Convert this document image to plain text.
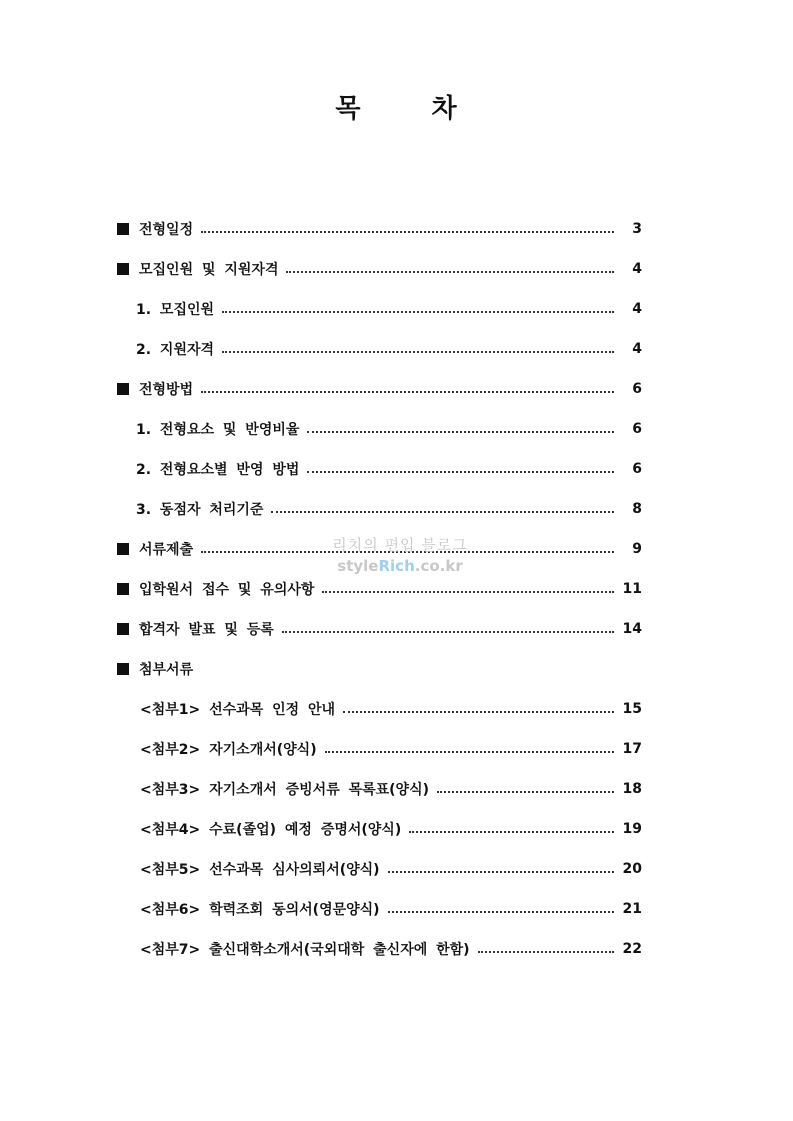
목	차
전형일정	3
모집인원 및 지원자격	4
1. 모집인원	4
2. 지원자격	4
전형방법	6
1. 전형요소 및 반영비율	6
2. 전형요소별 반영 방법	6
3. 동점자 처리기준	8
서류제출	9
입학원서 접수 및 유의사항	11
합격자 발표 및 등록	14
첨부서류
<첨부1> 선수과목 인정 안내	15
<첨부2> 자기소개서(양식)	17
<첨부3> 자기소개서 증빙서류 목록표(양식)	18
<첨부4> 수료(졸업) 예정 증명서(양식)	19
<첨부5> 선수과목 심사의뢰서(양식)	20
<첨부6> 학력조회 동의서(영문양식)	21
<첨부7> 출신대학소개서(국외대학 출신자에 한함)	22
리치의 편입 블로그
styleRich.co.kr
